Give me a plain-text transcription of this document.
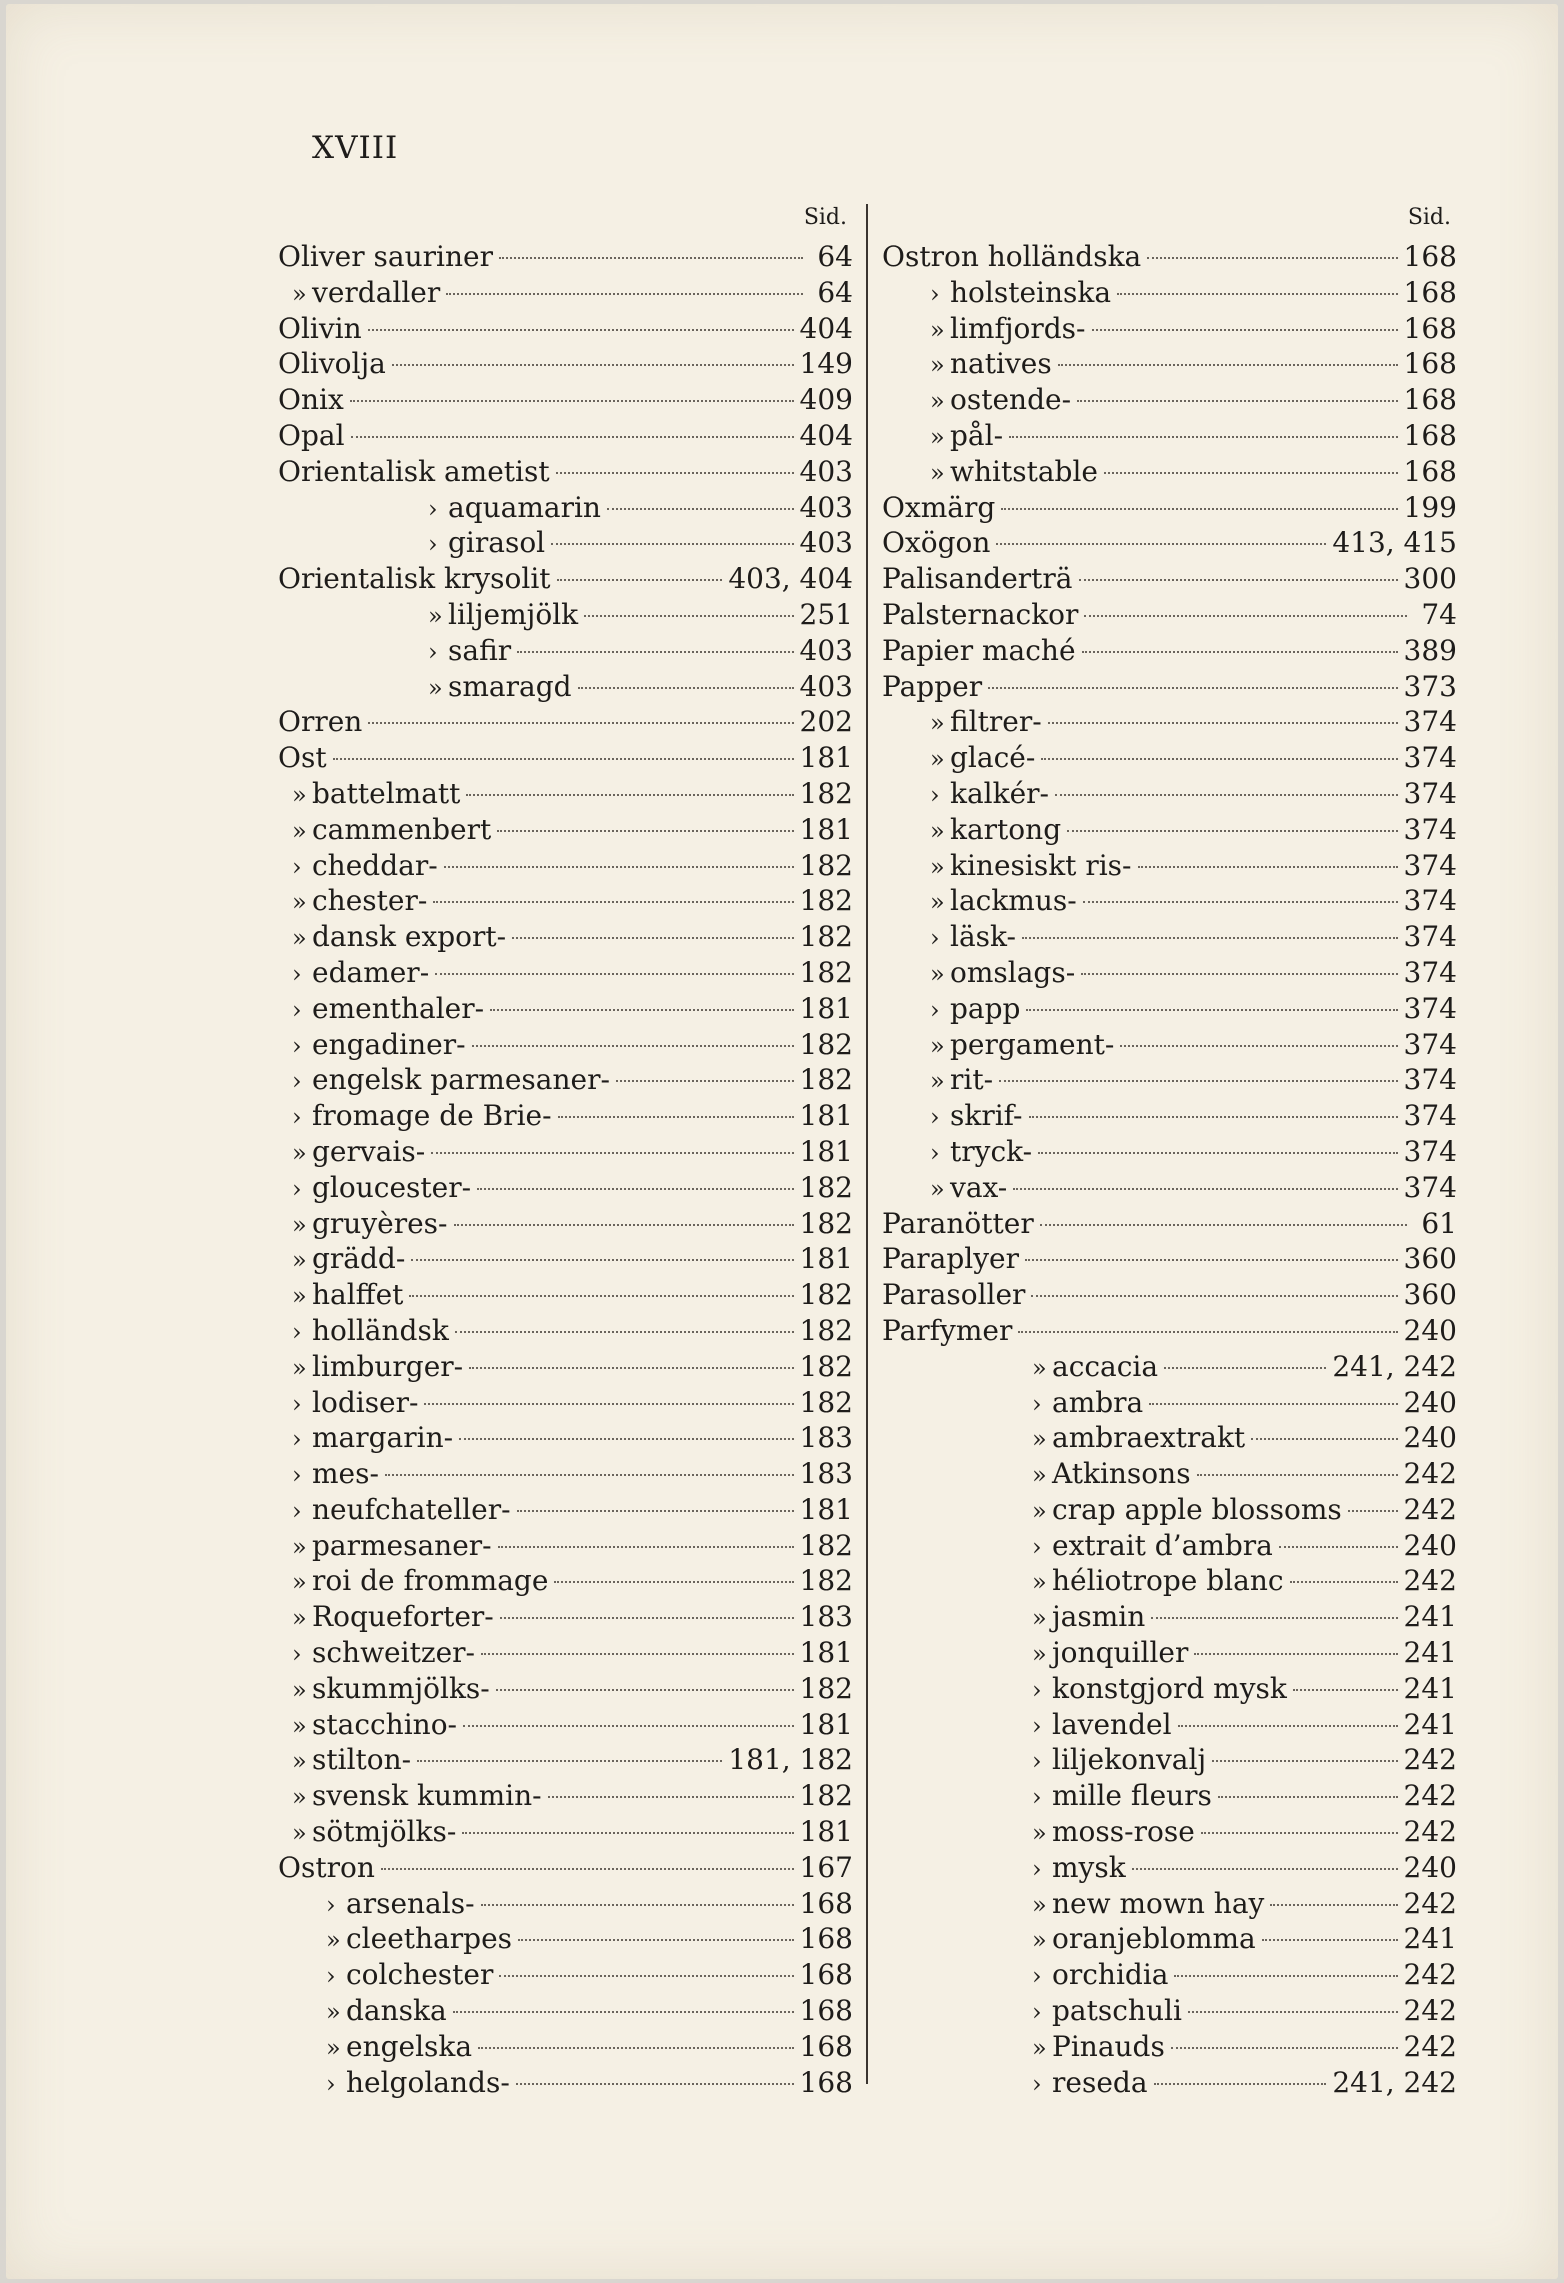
XVIII
Sid.
Oliver sauriner	64
» verdaller	64
Olivin	404
Olivolja	149
Onix	409
Opal	404
Orientalisk ametist	403
› aquamarin	403
› girasol	403
Orientalisk krysolit	403, 404
» liljemjölk	251
› safir	403
» smaragd	403
Orren	202
Ost	181
» battelmatt	182
» cammenbert	181
› cheddar-	182
» chester-	182
» dansk export-	182
› edamer-	182
› ementhaler-	181
› engadiner-	182
› engelsk parmesaner-	182
› fromage de Brie-	181
» gervais-	181
› gloucester-	182
» gruyères-	182
» grädd-	181
» halffet	182
› holländsk	182
» limburger-	182
› lodiser-	182
› margarin-	183
› mes-	183
› neufchateller-	181
» parmesaner-	182
» roi de frommage	182
» Roqueforter-	183
› schweitzer-	181
» skummjölks-	182
» stacchino-	181
» stilton-	181, 182
» svensk kummin-	182
» sötmjölks-	181
Ostron	167
› arsenals-	168
» cleetharpes	168
› colchester	168
» danska	168
» engelska	168
› helgolands-	168
Sid.
Ostron holländska	168
› holsteinska	168
» limfjords-	168
» natives	168
» ostende-	168
» pål-	168
» whitstable	168
Oxmärg	199
Oxögon	413, 415
Palisanderträ	300
Palsternackor	74
Papier maché	389
Papper	373
» filtrer-	374
» glacé-	374
› kalkér-	374
» kartong	374
» kinesiskt ris-	374
» lackmus-	374
› läsk-	374
» omslags-	374
› papp	374
» pergament-	374
» rit-	374
› skrif-	374
› tryck-	374
» vax-	374
Paranötter	61
Paraplyer	360
Parasoller	360
Parfymer	240
» accacia	241, 242
› ambra	240
» ambraextrakt	240
» Atkinsons	242
» crap apple blossoms 242
› extrait d’ambra	240
» héliotrope blanc	242
» jasmin	241
» jonquiller	241
› konstgjord mysk	241
› lavendel	241
› liljekonvalj	242
› mille fleurs	242
» moss-rose	242
› mysk	240
» new mown hay	242
» oranjeblomma	241
› orchidia	242
› patschuli	242
» Pinauds	242
› reseda	241, 242
